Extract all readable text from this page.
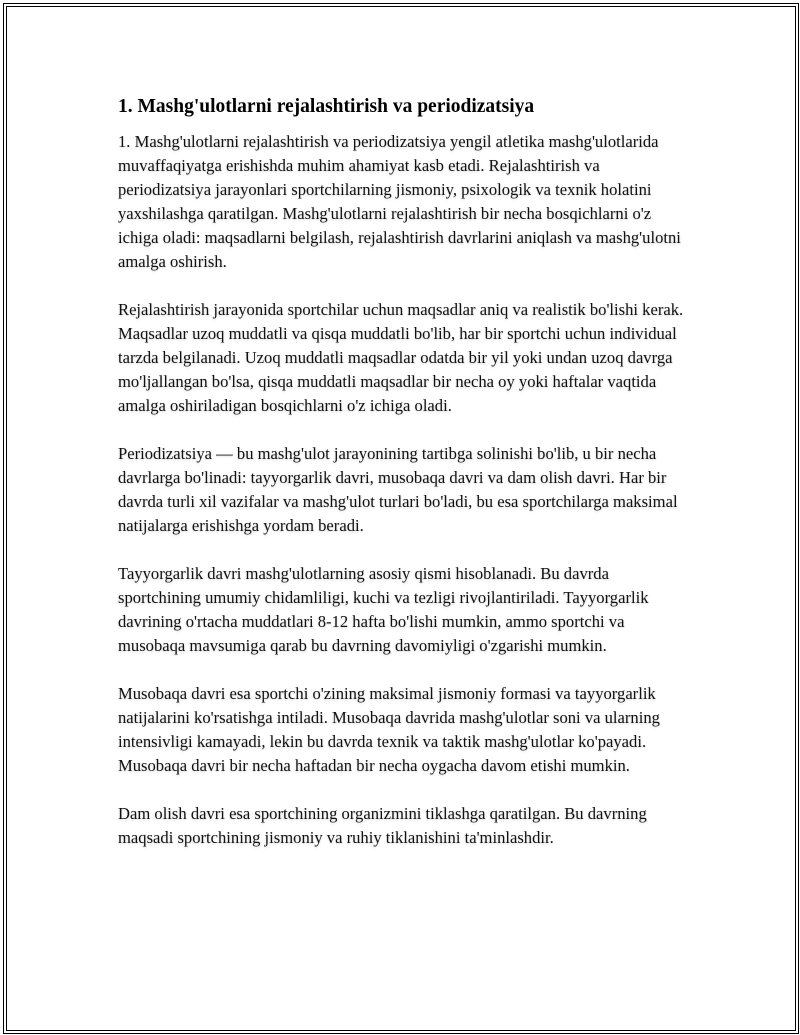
1. Mashg'ulotlarni rejalashtirish va periodizatsiya

1. Mashg'ulotlarni rejalashtirish va periodizatsiya yengil atletika mashg'ulotlarida muvaffaqiyatga erishishda muhim ahamiyat kasb etadi. Rejalashtirish va periodizatsiya jarayonlari sportchilarning jismoniy, psixologik va texnik holatini yaxshilashga qaratilgan. Mashg'ulotlarni rejalashtirish bir necha bosqichlarni o'z ichiga oladi: maqsadlarni belgilash, rejalashtirish davrlarini aniqlash va mashg'ulotni amalga oshirish.

Rejalashtirish jarayonida sportchilar uchun maqsadlar aniq va realistik bo'lishi kerak. Maqsadlar uzoq muddatli va qisqa muddatli bo'lib, har bir sportchi uchun individual tarzda belgilanadi. Uzoq muddatli maqsadlar odatda bir yil yoki undan uzoq davrga mo'ljallangan bo'lsa, qisqa muddatli maqsadlar bir necha oy yoki haftalar vaqtida amalga oshiriladigan bosqichlarni o'z ichiga oladi.

Periodizatsiya — bu mashg'ulot jarayonining tartibga solinishi bo'lib, u bir necha davrlarga bo'linadi: tayyorgarlik davri, musobaqa davri va dam olish davri. Har bir davrda turli xil vazifalar va mashg'ulot turlari bo'ladi, bu esa sportchilarga maksimal natijalarga erishishga yordam beradi.

Tayyorgarlik davri mashg'ulotlarning asosiy qismi hisoblanadi. Bu davrda sportchining umumiy chidamliligi, kuchi va tezligi rivojlantiriladi. Tayyorgarlik davrining o'rtacha muddatlari 8-12 hafta bo'lishi mumkin, ammo sportchi va musobaqa mavsumiga qarab bu davrning davomiyligi o'zgarishi mumkin.

Musobaqa davri esa sportchi o'zining maksimal jismoniy formasi va tayyorgarlik natijalarini ko'rsatishga intiladi. Musobaqa davrida mashg'ulotlar soni va ularning intensivligi kamayadi, lekin bu davrda texnik va taktik mashg'ulotlar ko'payadi. Musobaqa davri bir necha haftadan bir necha oygacha davom etishi mumkin.

Dam olish davri esa sportchining organizmini tiklashga qaratilgan. Bu davrning maqsadi sportchining jismoniy va ruhiy tiklanishini ta'minlashdir.
